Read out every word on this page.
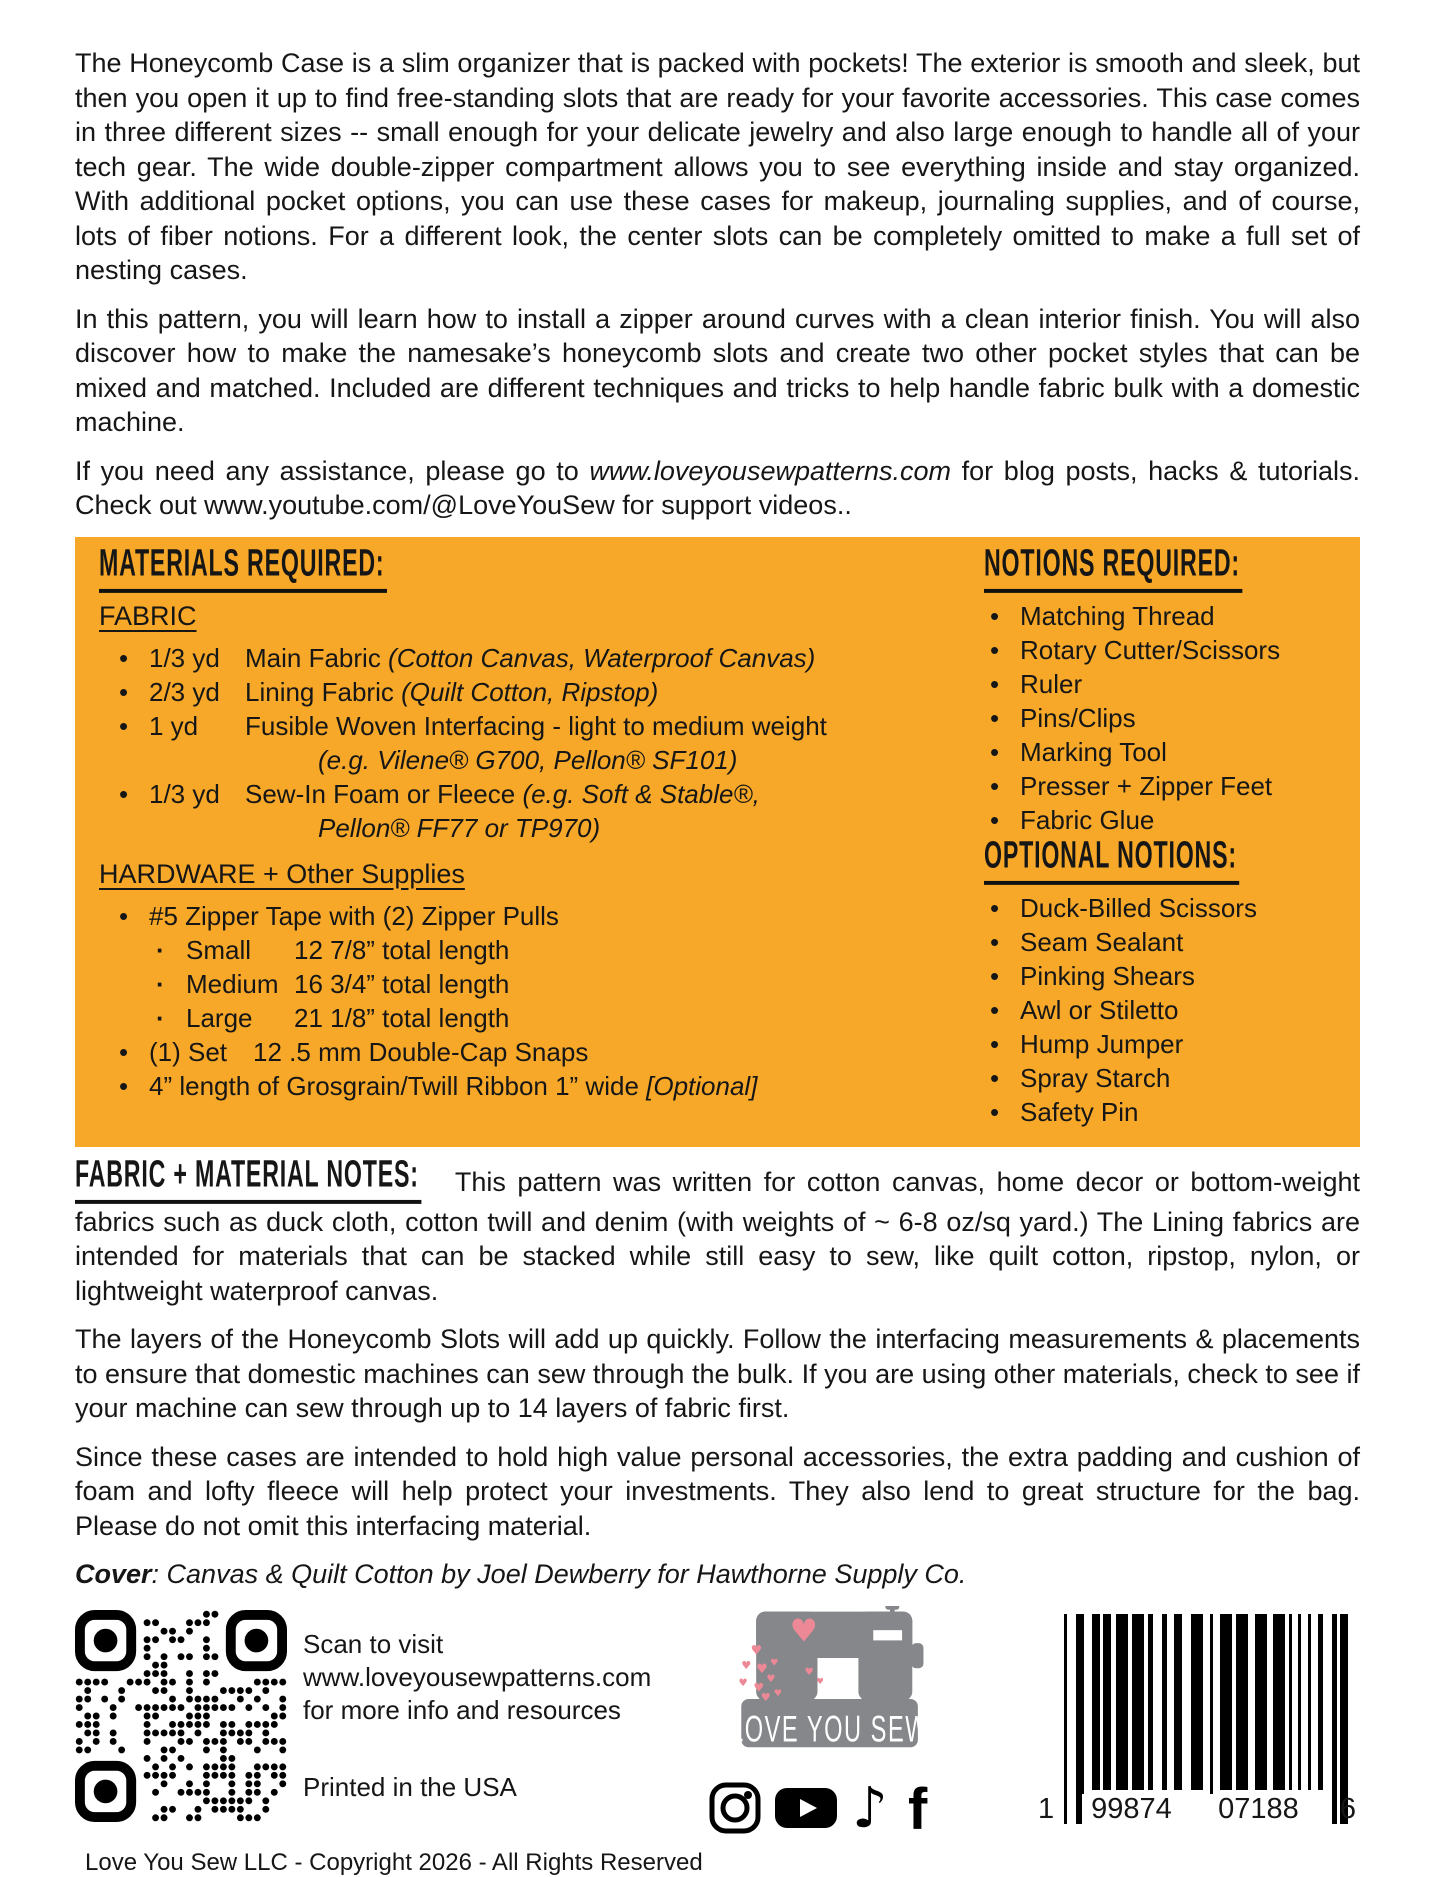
The Honeycomb Case is a slim organizer that is packed with pockets! The exterior is smooth and sleek, but then you open it up to find free-standing slots that are ready for your favorite accessories. This case comes in three different sizes -- small enough for your delicate jewelry and also large enough to handle all of your tech gear. The wide double-zipper compartment allows you to see everything inside and stay organized. With additional pocket options, you can use these cases for makeup, journaling supplies, and of course, lots of fiber notions. For a different look, the center slots can be completely omitted to make a full set of nesting cases.

In this pattern, you will learn how to install a zipper around curves with a clean interior finish. You will also discover how to make the namesake’s honeycomb slots and create two other pocket styles that can be mixed and matched. Included are different techniques and tricks to help handle fabric bulk with a domestic machine.

If you need any assistance, please go to www.loveyousewpatterns.com for blog posts, hacks & tutorials. Check out www.youtube.com/@LoveYouSew for support videos..

MATERIALS REQUIRED:
FABRIC
• 1/3 yd Main Fabric (Cotton Canvas, Waterproof Canvas)
• 2/3 yd Lining Fabric (Quilt Cotton, Ripstop)
• 1 yd	Fusible Woven Interfacing - light to medium weight
(e.g. Vilene® G700, Pellon® SF101)
• 1/3 yd Sew-In Foam or Fleece (e.g. Soft & Stable®,
Pellon® FF77 or TP970)
HARDWARE + Other Supplies
• #5 Zipper Tape with (2) Zipper Pulls
· Small	12 7/8” total length
· Medium 16 3/4” total length
· Large	21 1/8” total length
• (1) Set 12 .5 mm Double-Cap Snaps
• 4” length of Grosgrain/Twill Ribbon 1” wide [Optional]
NOTIONS REQUIRED:
• Matching Thread
• Rotary Cutter/Scissors
• Ruler
• Pins/Clips
• Marking Tool
• Presser + Zipper Feet
• Fabric Glue
OPTIONAL NOTIONS:
• Duck-Billed Scissors
• Seam Sealant
• Pinking Shears
• Awl or Stiletto
• Hump Jumper
• Spray Starch
• Safety Pin

FABRIC + MATERIAL NOTES: This pattern was written for cotton canvas, home decor or bottom-weight fabrics such as duck cloth, cotton twill and denim (with weights of ~ 6-8 oz/sq yard.) The Lining fabrics are intended for materials that can be stacked while still easy to sew, like quilt cotton, ripstop, nylon, or lightweight waterproof canvas.

The layers of the Honeycomb Slots will add up quickly. Follow the interfacing measurements & placements to ensure that domestic machines can sew through the bulk. If you are using other materials, check to see if your machine can sew through up to 14 layers of fabric first.

Since these cases are intended to hold high value personal accessories, the extra padding and cushion of foam and lofty fleece will help protect your investments. They also lend to great structure for the bag. Please do not omit this interfacing material.

Cover: Canvas & Quilt Cotton by Joel Dewberry for Hawthorne Supply Co.

Scan to visit
www.loveyousewpatterns.com
for more info and resources
Printed in the USA
♥
♥
♥ ♥
♥ ♥
♥
♥ ♥
♥
♥
♥
LOVE YOU SEW
♪ f	1	99874	07188	6
Love You Sew LLC - Copyright 2026 - All Rights Reserved
